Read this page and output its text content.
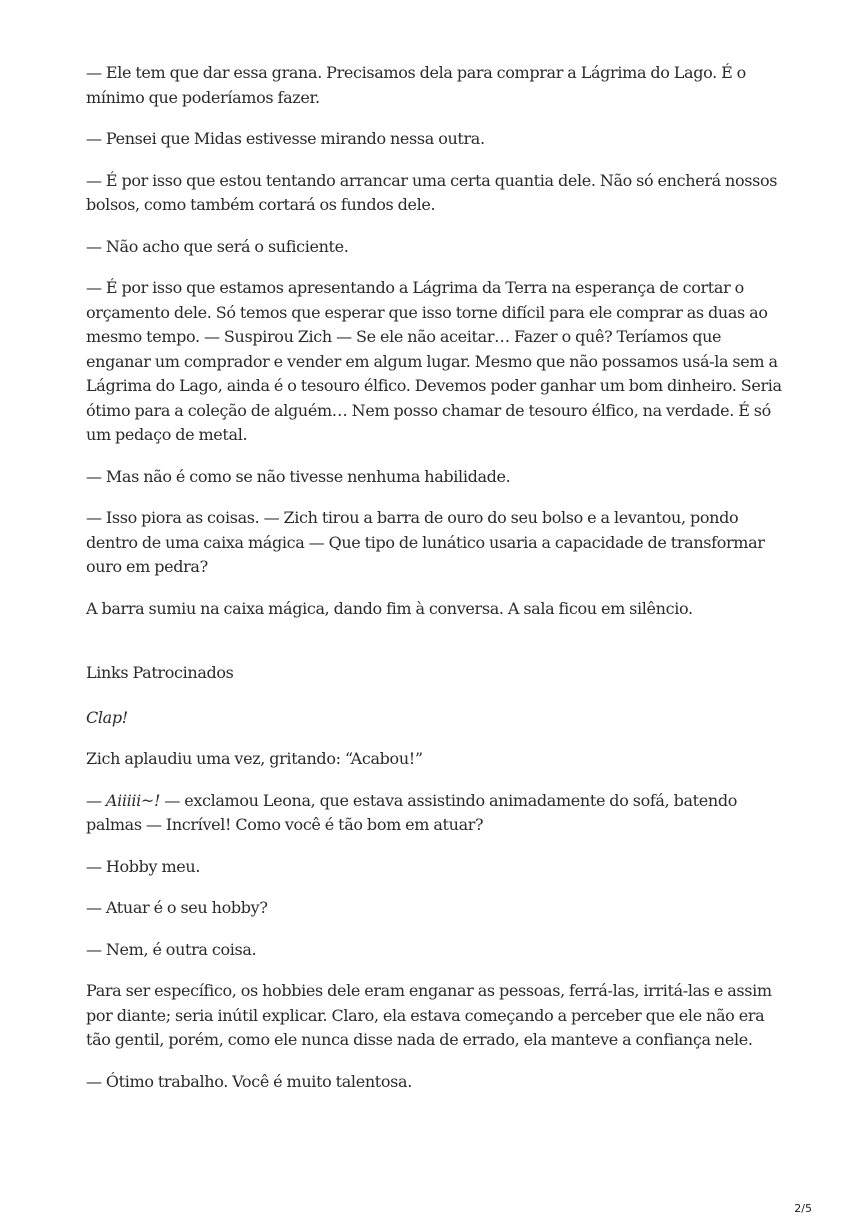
— Ele tem que dar essa grana. Precisamos dela para comprar a Lágrima do Lago. É o mínimo que poderíamos fazer.

— Pensei que Midas estivesse mirando nessa outra.

— É por isso que estou tentando arrancar uma certa quantia dele. Não só encherá nossos bolsos, como também cortará os fundos dele.

— Não acho que será o suficiente.

— É por isso que estamos apresentando a Lágrima da Terra na esperança de cortar o orçamento dele. Só temos que esperar que isso torne difícil para ele comprar as duas ao mesmo tempo. — Suspirou Zich — Se ele não aceitar… Fazer o quê? Teríamos que enganar um comprador e vender em algum lugar. Mesmo que não possamos usá-la sem a Lágrima do Lago, ainda é o tesouro élfico. Devemos poder ganhar um bom dinheiro. Seria ótimo para a coleção de alguém… Nem posso chamar de tesouro élfico, na verdade. É só um pedaço de metal.

— Mas não é como se não tivesse nenhuma habilidade.

— Isso piora as coisas. — Zich tirou a barra de ouro do seu bolso e a levantou, pondo dentro de uma caixa mágica — Que tipo de lunático usaria a capacidade de transformar ouro em pedra?

A barra sumiu na caixa mágica, dando fim à conversa. A sala ficou em silêncio.

Links Patrocinados

Clap!

Zich aplaudiu uma vez, gritando: “Acabou!”

— Aiiiii~! — exclamou Leona, que estava assistindo animadamente do sofá, batendo palmas — Incrível! Como você é tão bom em atuar?

— Hobby meu.

— Atuar é o seu hobby?

— Nem, é outra coisa.

Para ser específico, os hobbies dele eram enganar as pessoas, ferrá-las, irritá-las e assim por diante; seria inútil explicar. Claro, ela estava começando a perceber que ele não era tão gentil, porém, como ele nunca disse nada de errado, ela manteve a confiança nele.

— Ótimo trabalho. Você é muito talentosa.

2/5
